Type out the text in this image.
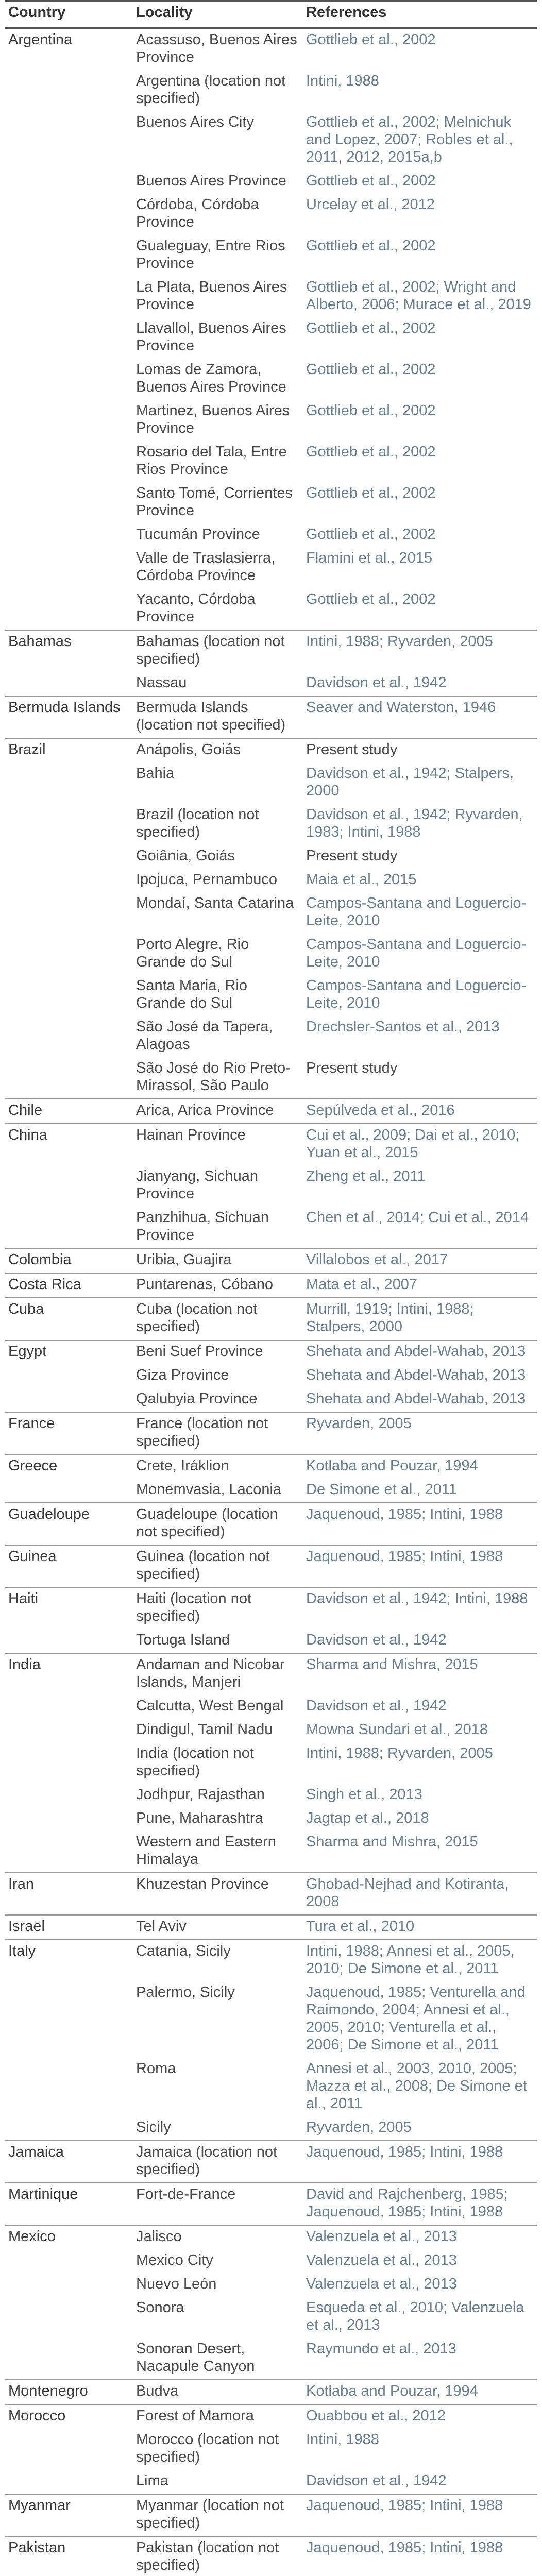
Country	Locality	References
Argentina	Acassuso, Buenos Aires Province	Gottlieb et al., 2002
	Argentina (location not specified)	Intini, 1988
	Buenos Aires City	Gottlieb et al., 2002; Melnichuk and Lopez, 2007; Robles et al., 2011, 2012, 2015a,b
	Buenos Aires Province	Gottlieb et al., 2002
	Córdoba, Córdoba Province	Urcelay et al., 2012
	Gualeguay, Entre Rios Province	Gottlieb et al., 2002
	La Plata, Buenos Aires Province	Gottlieb et al., 2002; Wright and Alberto, 2006; Murace et al., 2019
	Llavallol, Buenos Aires Province	Gottlieb et al., 2002
	Lomas de Zamora, Buenos Aires Province	Gottlieb et al., 2002
	Martinez, Buenos Aires Province	Gottlieb et al., 2002
	Rosario del Tala, Entre Rios Province	Gottlieb et al., 2002
	Santo Tomé, Corrientes Province	Gottlieb et al., 2002
	Tucumán Province	Gottlieb et al., 2002
	Valle de Traslasierra, Córdoba Province	Flamini et al., 2015
	Yacanto, Córdoba Province	Gottlieb et al., 2002
Bahamas	Bahamas (location not specified)	Intini, 1988; Ryvarden, 2005
	Nassau	Davidson et al., 1942
Bermuda Islands	Bermuda Islands (location not specified)	Seaver and Waterston, 1946
Brazil	Anápolis, Goiás	Present study
	Bahia	Davidson et al., 1942; Stalpers, 2000
	Brazil (location not specified)	Davidson et al., 1942; Ryvarden, 1983; Intini, 1988
	Goiânia, Goiás	Present study
	Ipojuca, Pernambuco	Maia et al., 2015
	Mondaí, Santa Catarina	Campos-Santana and Loguercio-Leite, 2010
	Porto Alegre, Rio Grande do Sul	Campos-Santana and Loguercio-Leite, 2010
	Santa Maria, Rio Grande do Sul	Campos-Santana and Loguercio-Leite, 2010
	São José da Tapera, Alagoas	Drechsler-Santos et al., 2013
	São José do Rio Preto-Mirassol, São Paulo	Present study
Chile	Arica, Arica Province	Sepúlveda et al., 2016
China	Hainan Province	Cui et al., 2009; Dai et al., 2010; Yuan et al., 2015
	Jianyang, Sichuan Province	Zheng et al., 2011
	Panzhihua, Sichuan Province	Chen et al., 2014; Cui et al., 2014
Colombia	Uribia, Guajira	Villalobos et al., 2017
Costa Rica	Puntarenas, Cóbano	Mata et al., 2007
Cuba	Cuba (location not specified)	Murrill, 1919; Intini, 1988; Stalpers, 2000
Egypt	Beni Suef Province	Shehata and Abdel-Wahab, 2013
	Giza Province	Shehata and Abdel-Wahab, 2013
	Qalubyia Province	Shehata and Abdel-Wahab, 2013
France	France (location not specified)	Ryvarden, 2005
Greece	Crete, Iráklion	Kotlaba and Pouzar, 1994
	Monemvasia, Laconia	De Simone et al., 2011
Guadeloupe	Guadeloupe (location not specified)	Jaquenoud, 1985; Intini, 1988
Guinea	Guinea (location not specified)	Jaquenoud, 1985; Intini, 1988
Haiti	Haiti (location not specified)	Davidson et al., 1942; Intini, 1988
	Tortuga Island	Davidson et al., 1942
India	Andaman and Nicobar Islands, Manjeri	Sharma and Mishra, 2015
	Calcutta, West Bengal	Davidson et al., 1942
	Dindigul, Tamil Nadu	Mowna Sundari et al., 2018
	India (location not specified)	Intini, 1988; Ryvarden, 2005
	Jodhpur, Rajasthan	Singh et al., 2013
	Pune, Maharashtra	Jagtap et al., 2018
	Western and Eastern Himalaya	Sharma and Mishra, 2015
Iran	Khuzestan Province	Ghobad-Nejhad and Kotiranta, 2008
Israel	Tel Aviv	Tura et al., 2010
Italy	Catania, Sicily	Intini, 1988; Annesi et al., 2005, 2010; De Simone et al., 2011
	Palermo, Sicily	Jaquenoud, 1985; Venturella and Raimondo, 2004; Annesi et al., 2005, 2010; Venturella et al., 2006; De Simone et al., 2011
	Roma	Annesi et al., 2003, 2010, 2005; Mazza et al., 2008; De Simone et al., 2011
	Sicily	Ryvarden, 2005
Jamaica	Jamaica (location not specified)	Jaquenoud, 1985; Intini, 1988
Martinique	Fort-de-France	David and Rajchenberg, 1985; Jaquenoud, 1985; Intini, 1988
Mexico	Jalisco	Valenzuela et al., 2013
	Mexico City	Valenzuela et al., 2013
	Nuevo León	Valenzuela et al., 2013
	Sonora	Esqueda et al., 2010; Valenzuela et al., 2013
	Sonoran Desert, Nacapule Canyon	Raymundo et al., 2013
Montenegro	Budva	Kotlaba and Pouzar, 1994
Morocco	Forest of Mamora	Ouabbou et al., 2012
	Morocco (location not specified)	Intini, 1988
	Lima	Davidson et al., 1942
Myanmar	Myanmar (location not specified)	Jaquenoud, 1985; Intini, 1988
Pakistan	Pakistan (location not specified)	Jaquenoud, 1985; Intini, 1988
